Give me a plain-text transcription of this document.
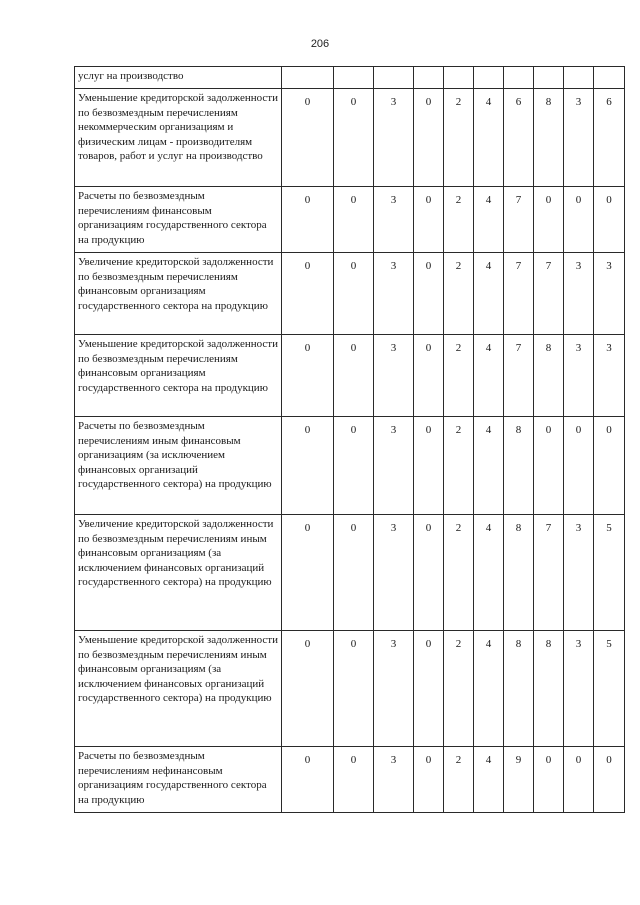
206
услуг на производство										
Уменьшение кредиторской задолженности по безвозмездным перечислениям некоммерческим организациям и физическим лицам - производителям товаров, работ и услуг на производство	0	0	3	0	2	4	6	8	3	6
Расчеты по безвозмездным перечислениям финансовым организациям государственного сектора на продукцию	0	0	3	0	2	4	7	0	0	0
Увеличение кредиторской задолженности по безвозмездным перечислениям финансовым организациям государственного сектора на продукцию	0	0	3	0	2	4	7	7	3	3
Уменьшение кредиторской задолженности по безвозмездным перечислениям финансовым организациям государственного сектора на продукцию	0	0	3	0	2	4	7	8	3	3
Расчеты по безвозмездным перечислениям иным финансовым организациям (за исключением финансовых организаций государственного сектора) на продукцию	0	0	3	0	2	4	8	0	0	0
Увеличение кредиторской задолженности по безвозмездным перечислениям иным финансовым организациям (за исключением финансовых организаций государственного сектора) на продукцию	0	0	3	0	2	4	8	7	3	5
Уменьшение кредиторской задолженности по безвозмездным перечислениям иным финансовым организациям (за исключением финансовых организаций государственного сектора) на продукцию	0	0	3	0	2	4	8	8	3	5
Расчеты по безвозмездным перечислениям нефинансовым организациям государственного сектора на продукцию	0	0	3	0	2	4	9	0	0	0
